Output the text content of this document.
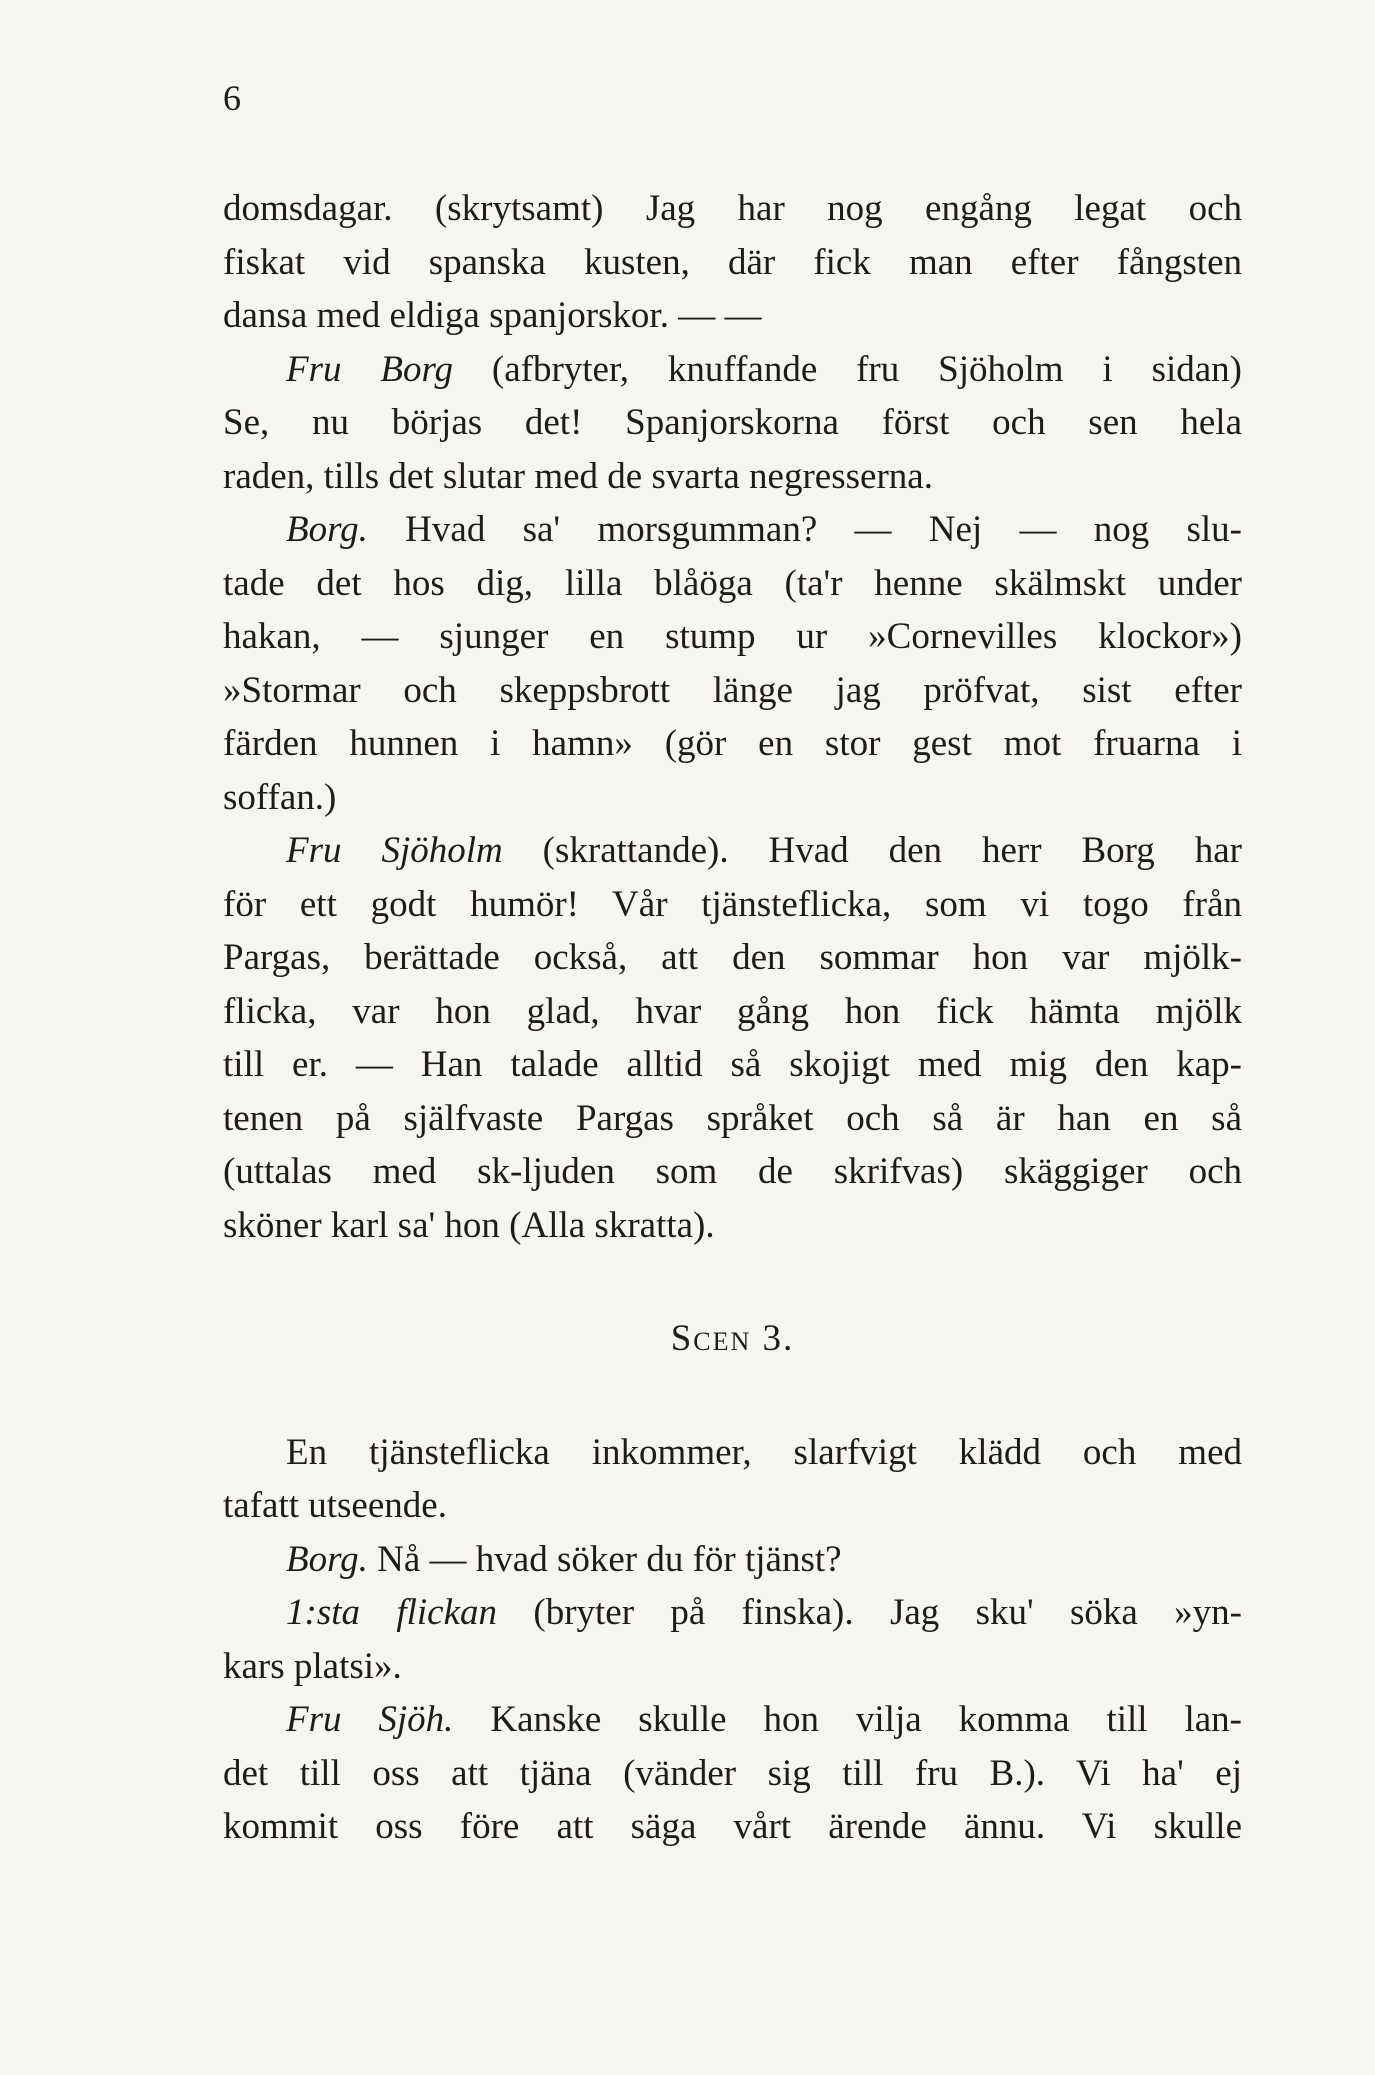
6
domsdagar. (skrytsamt) Jag har nog engång legat och
fiskat vid spanska kusten, där fick man efter fångsten
dansa med eldiga spanjorskor. — —
Fru Borg (afbryter, knuffande fru Sjöholm i sidan)
Se, nu börjas det! Spanjorskorna först och sen hela
raden, tills det slutar med de svarta negresserna.
Borg. Hvad sa' morsgumman? — Nej — nog slu-
tade det hos dig, lilla blåöga (ta'r henne skälmskt under
hakan, — sjunger en stump ur »Cornevilles klockor»)
»Stormar och skeppsbrott länge jag pröfvat, sist efter
färden hunnen i hamn» (gör en stor gest mot fruarna i
soffan.)
Fru Sjöholm (skrattande). Hvad den herr Borg har
för ett godt humör! Vår tjänsteflicka, som vi togo från
Pargas, berättade också, att den sommar hon var mjölk-
flicka, var hon glad, hvar gång hon fick hämta mjölk
till er. — Han talade alltid så skojigt med mig den kap-
tenen på själfvaste Pargas språket och så är han en så
(uttalas med sk-ljuden som de skrifvas) skäggiger och
sköner karl sa' hon (Alla skratta).
Scen 3.
En tjänsteflicka inkommer, slarfvigt klädd och med
tafatt utseende.
Borg. Nå — hvad söker du för tjänst?
1:sta flickan (bryter på finska). Jag sku' söka »yn-
kars platsi».
Fru Sjöh. Kanske skulle hon vilja komma till lan-
det till oss att tjäna (vänder sig till fru B.). Vi ha' ej
kommit oss före att säga vårt ärende ännu. Vi skulle
